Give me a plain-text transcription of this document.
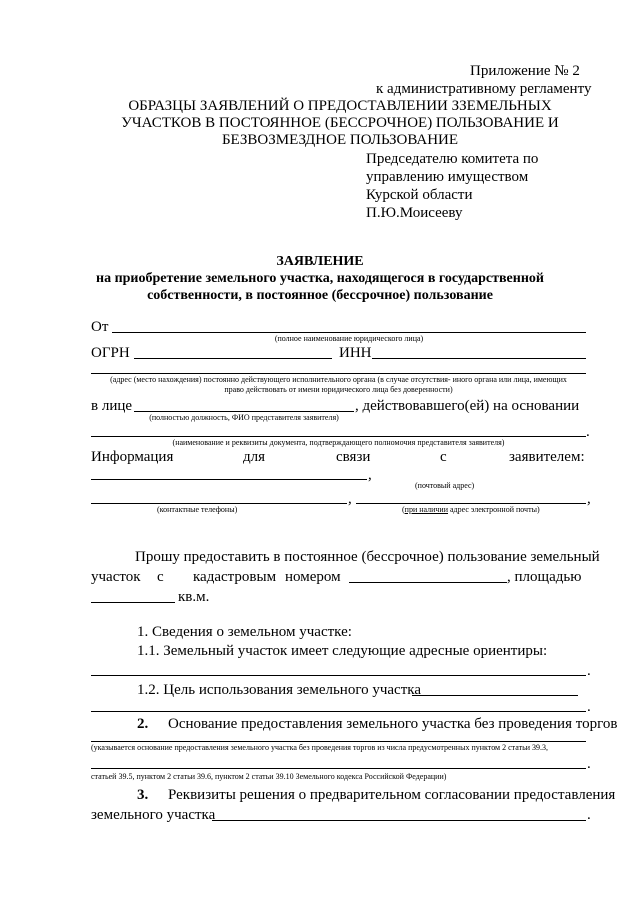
Приложение № 2
к административному регламенту
ОБРАЗЦЫ ЗАЯВЛЕНИЙ О ПРЕДОСТАВЛЕНИИ ЗЗЕМЕЛЬНЫХ
УЧАСТКОВ В ПОСТОЯННОЕ (БЕССРОЧНОЕ) ПОЛЬЗОВАНИЕ И
БЕЗВОЗМЕЗДНОЕ ПОЛЬЗОВАНИЕ
Председателю комитета по
управлению имуществом
Курской области
П.Ю.Моисееву
ЗАЯВЛЕНИЕ
на приобретение земельного участка, находящегося в государственной
собственности, в постоянное (бессрочное) пользование
От
(полное наименование юридического лица)
ОГРН	ИНН
(адрес (место нахождения) постоянно действующего исполнительного органа (в случае отсутствия- иного органа или лица, имеющих
право действовать от имени юридического лица без доверенности)
в лице	, действовавшего(ей) на основании
(полностью должность, ФИО представителя заявителя)
.
(наименование и реквизиты документа, подтверждающего полномочия представителя заявителя)
Информация	для	связи	с	заявителем:
,
(почтовый адрес)
,	,
(контактные телефоны)	(при наличии адрес электронной почты)
Прошу предоставить в постоянное (бессрочное) пользование земельный
участок с кадастровым номером	, площадью
кв.м.
1. Сведения о земельном участке:
1.1. Земельный участок имеет следующие адресные ориентиры:
.
1.2. Цель использования земельного участка
.
2. Основание предоставления земельного участка без проведения торгов
(указывается основание предоставления земельного участка без проведения торгов из числа предусмотренных пунктом 2 статьи 39.3,
.
статьей 39.5, пунктом 2 статьи 39.6, пунктом 2 статьи 39.10 Земельного кодекса Российской Федерации)
3. Реквизиты решения о предварительном согласовании предоставления
земельного участка	.
